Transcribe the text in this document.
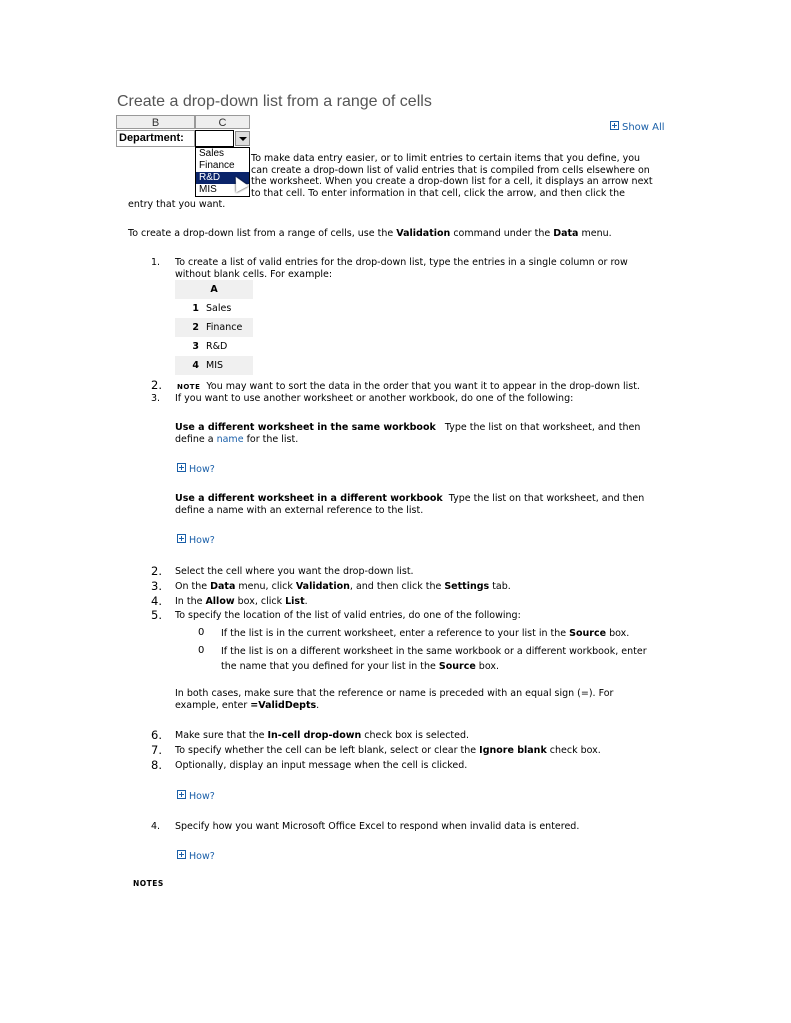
Create a drop-down list from a range of cells
Show All
B	C
Department:
Sales
Finance
R&D
MIS
To make data entry easier, or to limit entries to certain items that you define, you
can create a drop-down list of valid entries that is compiled from cells elsewhere on
the worksheet. When you create a drop-down list for a cell, it displays an arrow next
to that cell. To enter information in that cell, click the arrow, and then click the
entry that you want.
To create a drop-down list from a range of cells, use the Validation command under the Data menu.
1. To create a list of valid entries for the drop-down list, type the entries in a single column or row
without blank cells. For example:
A
1 Sales
2 Finance
3 R&D
4 MIS
2. NOTE You may want to sort the data in the order that you want it to appear in the drop-down list.
3. If you want to use another worksheet or another workbook, do one of the following:
Use a different worksheet in the same workbook Type the list on that worksheet, and then
define a name for the list.
How?
Use a different worksheet in a different workbook Type the list on that worksheet, and then
define a name with an external reference to the list.
How?
2. Select the cell where you want the drop-down list.
3. On the Data menu, click Validation, and then click the Settings tab.
4. In the Allow box, click List.
5. To specify the location of the list of valid entries, do one of the following:
0 If the list is in the current worksheet, enter a reference to your list in the Source box.
0 If the list is on a different worksheet in the same workbook or a different workbook, enter
the name that you defined for your list in the Source box.
In both cases, make sure that the reference or name is preceded with an equal sign (=). For
example, enter =ValidDepts.
6. Make sure that the In-cell drop-down check box is selected.
7. To specify whether the cell can be left blank, select or clear the Ignore blank check box.
8. Optionally, display an input message when the cell is clicked.
How?
4. Specify how you want Microsoft Office Excel to respond when invalid data is entered.
How?
NOTES
